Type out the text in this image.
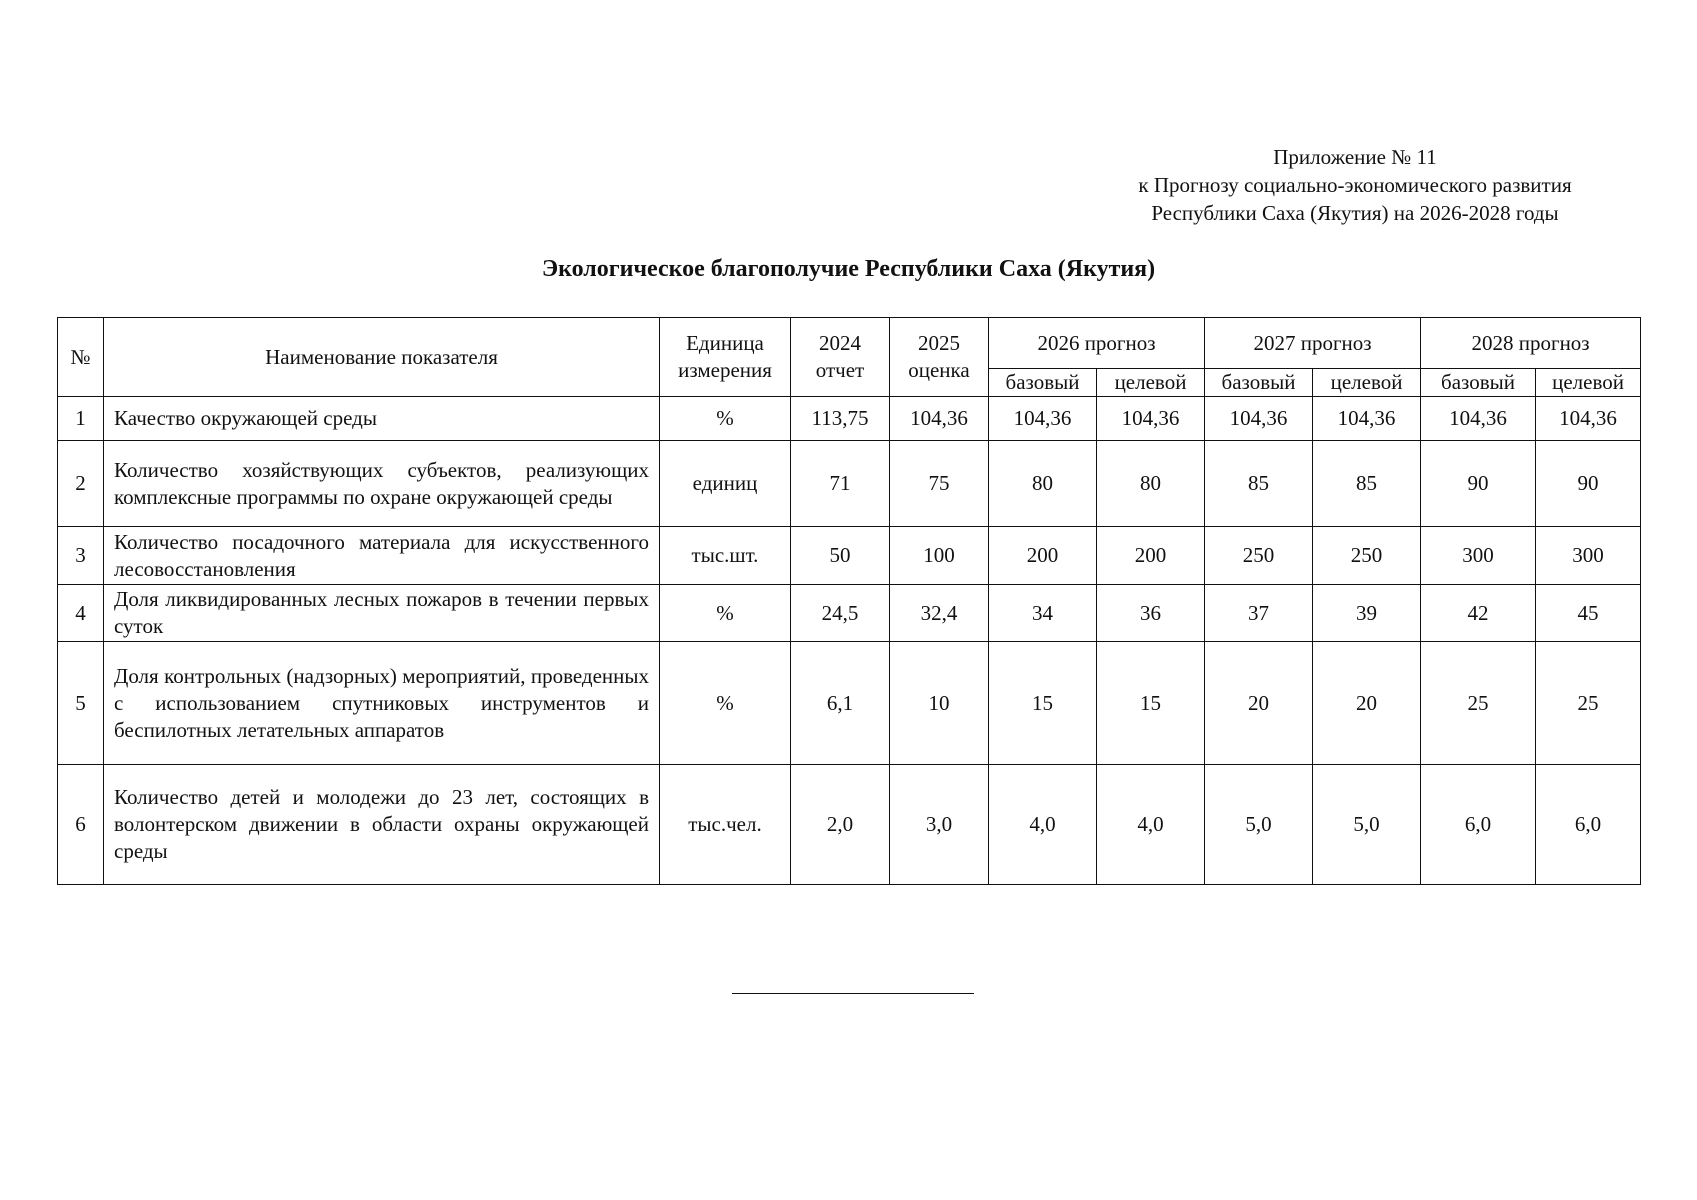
Приложение № 11
к Прогнозу социально-экономического развития
Республики Саха (Якутия) на 2026-2028 годы
Экологическое благополучие Республики Саха (Якутия)
№	Наименование показателя	Единица измерения	2024 отчет	2025 оценка	2026 прогноз		2027 прогноз		2028 прогноз	
					базовый	целевой	базовый	целевой	базовый	целевой
1	Качество окружающей среды	%	113,75	104,36	104,36	104,36	104,36	104,36	104,36	104,36
2	Количество хозяйствующих субъектов, реализующих комплексные программы по охране окружающей среды	единиц	71	75	80	80	85	85	90	90
3	Количество посадочного материала для искусственного лесовосстановления	тыс.шт.	50	100	200	200	250	250	300	300
4	Доля ликвидированных лесных пожаров в течении первых суток	%	24,5	32,4	34	36	37	39	42	45
5	Доля контрольных (надзорных) мероприятий, проведенных с использованием спутниковых инструментов и беспилотных летательных аппаратов	%	6,1	10	15	15	20	20	25	25
6	Количество детей и молодежи до 23 лет, состоящих в волонтерском движении в области охраны окружающей среды	тыс.чел.	2,0	3,0	4,0	4,0	5,0	5,0	6,0	6,0
